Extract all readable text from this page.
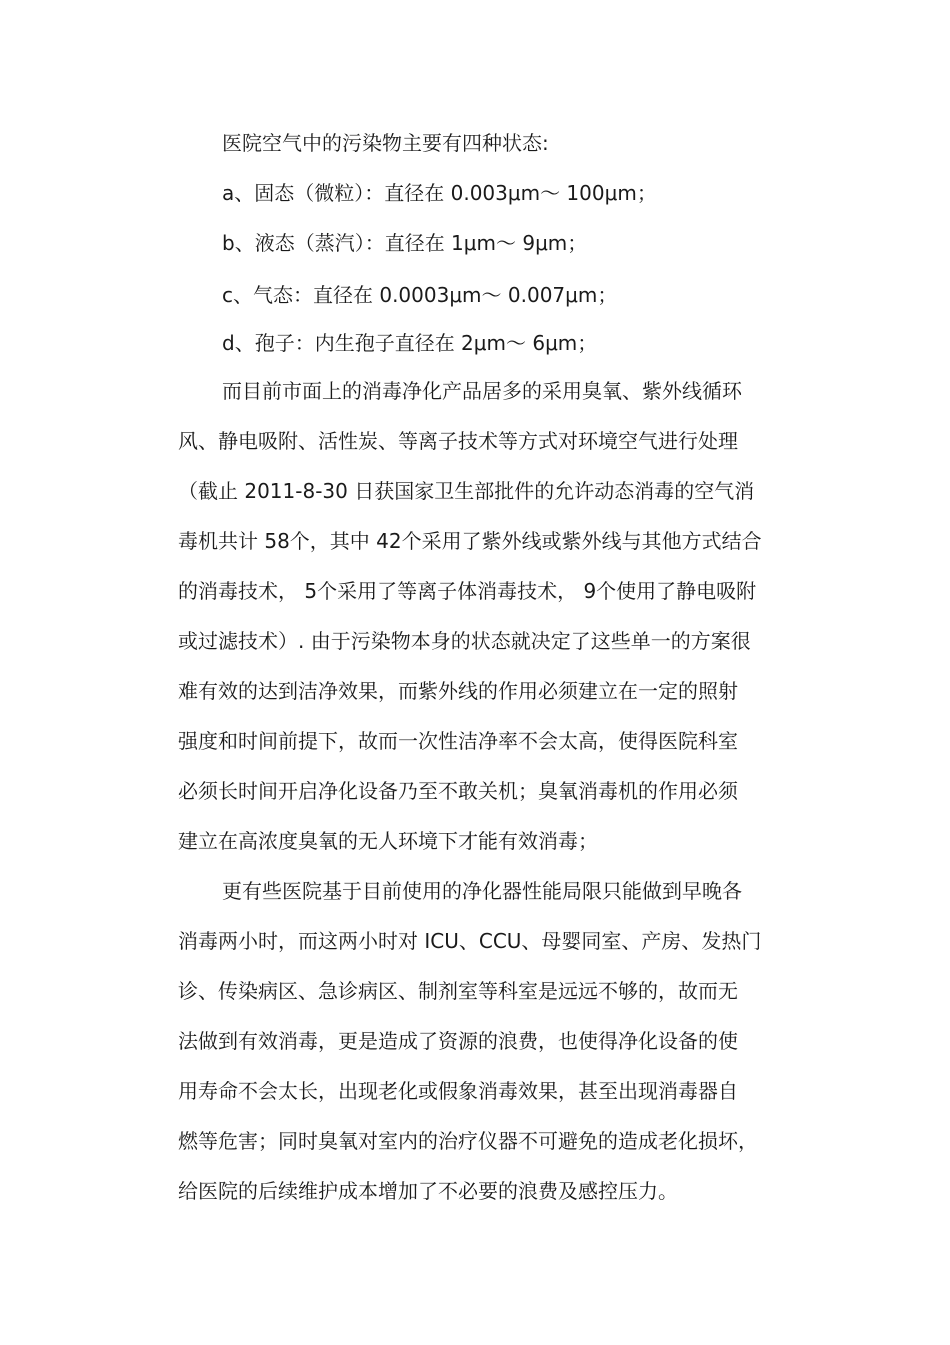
医院空气中的污染物主要有四种状态:
a、固态（微粒）：直径在 0.003μm～ 100μm；
b、液态（蒸汽）：直径在 1μm～ 9μm；
c、气态：直径在 0.0003μm～ 0.007μm；
d、孢子：内生孢子直径在 2μm～ 6μm；
而目前市面上的消毒净化产品居多的采用臭氧、紫外线循环
风、静电吸附、活性炭、等离子技术等方式对环境空气进行处理
（截止 2011-8-30 日获国家卫生部批件的允许动态消毒的空气消
毒机共计 58个，其中 42个采用了紫外线或紫外线与其他方式结合
的消毒技术， 5个采用了等离子体消毒技术， 9个使用了静电吸附
或过滤技术）. 由于污染物本身的状态就决定了这些单一的方案很
难有效的达到洁净效果，而紫外线的作用必须建立在一定的照射
强度和时间前提下，故而一次性洁净率不会太高，使得医院科室
必须长时间开启净化设备乃至不敢关机；臭氧消毒机的作用必须
建立在高浓度臭氧的无人环境下才能有效消毒；
更有些医院基于目前使用的净化器性能局限只能做到早晚各
消毒两小时，而这两小时对 ICU、CCU、母婴同室、产房、发热门
诊、传染病区、急诊病区、制剂室等科室是远远不够的，故而无
法做到有效消毒，更是造成了资源的浪费，也使得净化设备的使
用寿命不会太长，出现老化或假象消毒效果，甚至出现消毒器自
燃等危害；同时臭氧对室内的治疗仪器不可避免的造成老化损坏，
给医院的后续维护成本增加了不必要的浪费及感控压力。
